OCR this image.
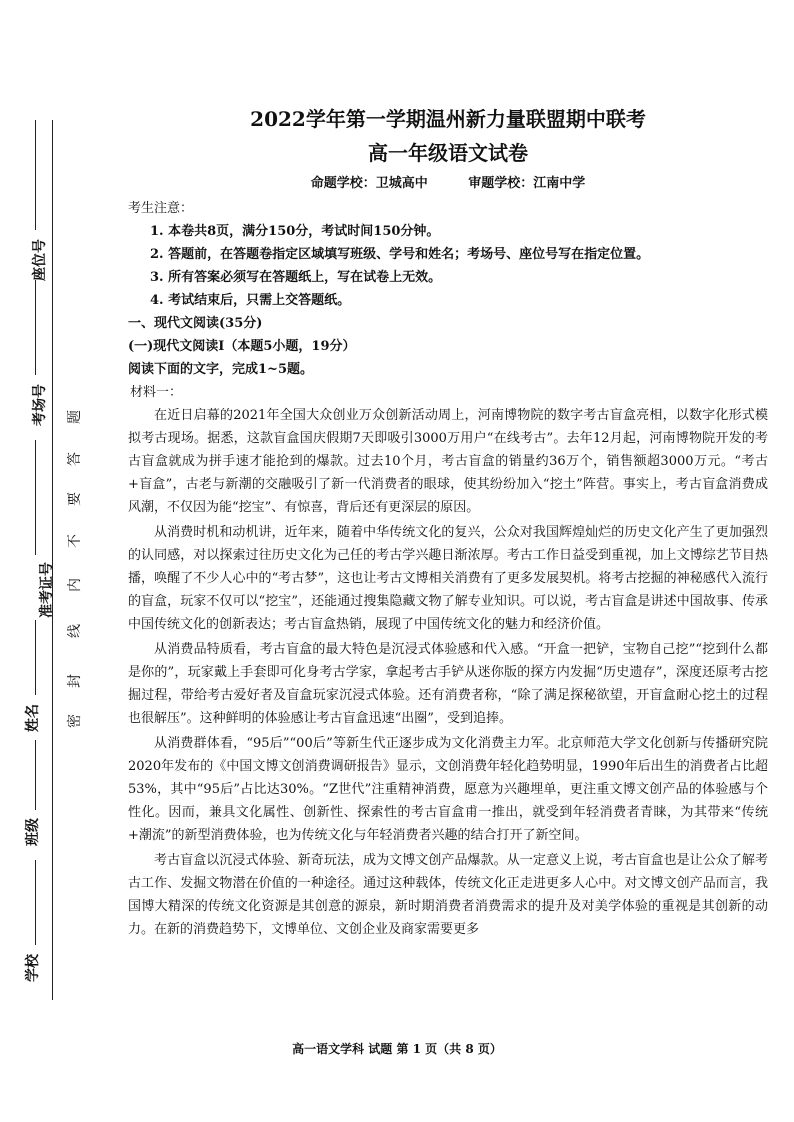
座位号
考场号
准考证号
姓名
班级
学校
密
封
线
内
不
要
答
题
2022学年第一学期温州新力量联盟期中联考
高一年级语文试卷
命题学校：卫城高中	审题学校：江南中学
考生注意：
1. 本卷共8页，满分150分，考试时间150分钟。
2. 答题前，在答题卷指定区域填写班级、学号和姓名；考场号、座位号写在指定位置。
3. 所有答案必须写在答题纸上，写在试卷上无效。
4. 考试结束后，只需上交答题纸。
一、现代文阅读(35分)
(一)现代文阅读Ⅰ（本题5小题，19分）
阅读下面的文字，完成1~5题。
材料一：

在近日启幕的2021年全国大众创业万众创新活动周上，河南博物院的数字考古盲盒亮相，以数字化形式模拟考古现场。据悉，这款盲盒国庆假期7天即吸引3000万用户“在线考古”。去年12月起，河南博物院开发的考古盲盒就成为拼手速才能抢到的爆款。过去10个月，考古盲盒的销量约36万个，销售额超3000万元。“考古+盲盒”，古老与新潮的交融吸引了新一代消费者的眼球，使其纷纷加入“挖土”阵营。事实上，考古盲盒消费成风潮，不仅因为能“挖宝”、有惊喜，背后还有更深层的原因。

从消费时机和动机讲，近年来，随着中华传统文化的复兴，公众对我国辉煌灿烂的历史文化产生了更加强烈的认同感，对以探索过往历史文化为己任的考古学兴趣日渐浓厚。考古工作日益受到重视，加上文博综艺节目热播，唤醒了不少人心中的“考古梦”，这也让考古文博相关消费有了更多发展契机。将考古挖掘的神秘感代入流行的盲盒，玩家不仅可以“挖宝”，还能通过搜集隐藏文物了解专业知识。可以说，考古盲盒是讲述中国故事、传承中国传统文化的创新表达；考古盲盒热销，展现了中国传统文化的魅力和经济价值。

从消费品特质看，考古盲盒的最大特色是沉浸式体验感和代入感。“开盒一把铲，宝物自己挖”“挖到什么都是你的”，玩家戴上手套即可化身考古学家，拿起考古手铲从迷你版的探方内发掘“历史遗存”，深度还原考古挖掘过程，带给考古爱好者及盲盒玩家沉浸式体验。还有消费者称，“除了满足探秘欲望，开盲盒耐心挖土的过程也很解压”。这种鲜明的体验感让考古盲盒迅速“出圈”，受到追捧。

从消费群体看，“95后”“00后”等新生代正逐步成为文化消费主力军。北京师范大学文化创新与传播研究院2020年发布的《中国文博文创消费调研报告》显示，文创消费年轻化趋势明显，1990年后出生的消费者占比超53%，其中“95后”占比达30%。“Z世代”注重精神消费，愿意为兴趣埋单，更注重文博文创产品的体验感与个性化。因而，兼具文化属性、创新性、探索性的考古盲盒甫一推出，就受到年轻消费者青睐，为其带来“传统+潮流”的新型消费体验，也为传统文化与年轻消费者兴趣的结合打开了新空间。

考古盲盒以沉浸式体验、新奇玩法，成为文博文创产品爆款。从一定意义上说，考古盲盒也是让公众了解考古工作、发掘文物潜在价值的一种途径。通过这种载体，传统文化正走进更多人心中。对文博文创产品而言，我国博大精深的传统文化资源是其创意的源泉，新时期消费者消费需求的提升及对美学体验的重视是其创新的动力。在新的消费趋势下，文博单位、文创企业及商家需要更多

高一语文学科 试题 第 1 页（共 8 页）
